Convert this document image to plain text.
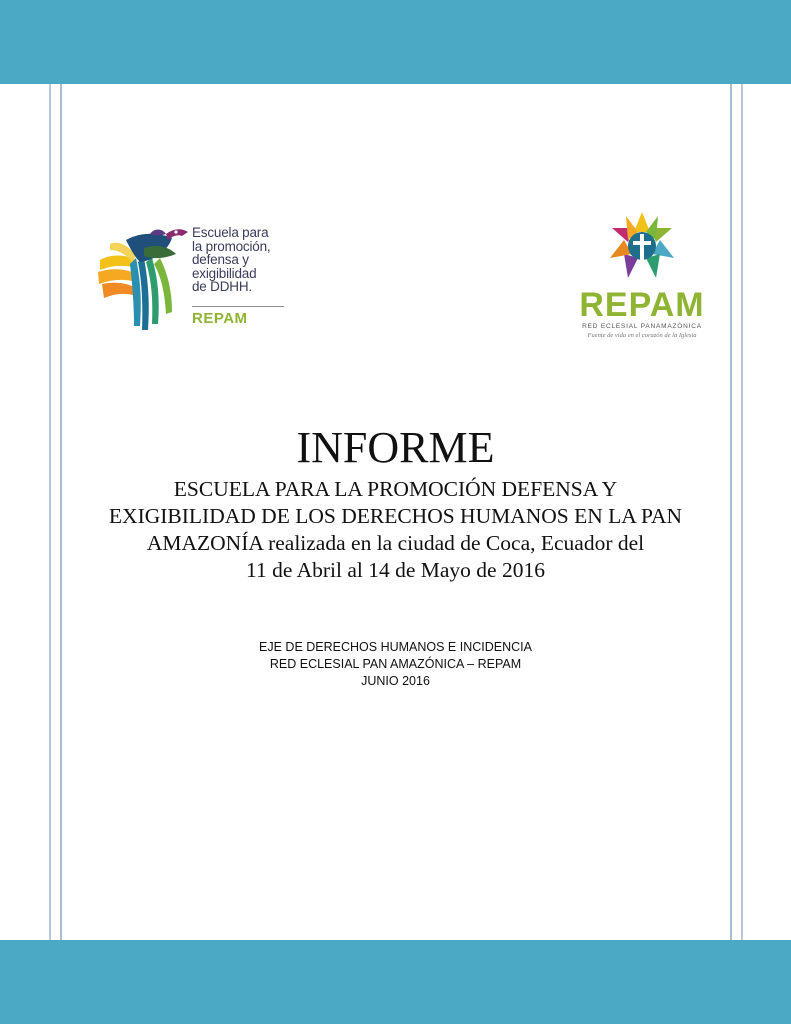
Escuela para
la promoción,
defensa y
exigibilidad
de DDHH.
REPAM	REPAM
RED ECLESIAL PANAMAZÓNICA
Fuente de vida en el corazón de la Iglesia
INFORME
ESCUELA PARA LA PROMOCIÓN DEFENSA Y
EXIGIBILIDAD DE LOS DERECHOS HUMANOS EN LA PAN
AMAZONÍA realizada en la ciudad de Coca, Ecuador del
11 de Abril al 14 de Mayo de 2016
EJE DE DERECHOS HUMANOS E INCIDENCIA
RED ECLESIAL PAN AMAZÓNICA – REPAM
JUNIO 2016
